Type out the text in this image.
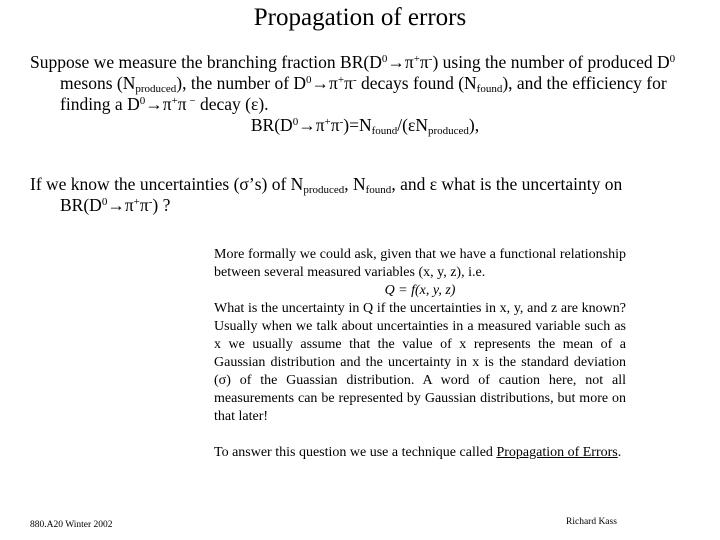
Propagation of errors
Suppose we measure the branching fraction $BR(D^0\to\pi^+\pi^-)$ using the number of produced $D^0$ mesons $(N_{produced})$, the number of $D^0\to\pi^+\pi^-$ decays found $(N_{found})$, and the efficiency for finding a $D^0\to\pi^+\pi$ − decay (ε).
$BR(D^0\to\pi^+\pi^-)=N_{found}/(\varepsilon N_{produced})$,
If we know the uncertainties (σ’s) of $N_{produced}$, $N_{found}$, and ε what is the uncertainty on $BR(D^0\to\pi^+\pi^-)$ ?

More formally we could ask, given that we have a functional relationship between several measured variables (x, y, z), i.e.

Q = f(x, y, z)

What is the uncertainty in Q if the uncertainties in x, y, and z are known? Usually when we talk about uncertainties in a measured variable such as x we usually assume that the value of x represents the mean of a Gaussian distribution and the uncertainty in x is the standard deviation (σ) of the Guassian distribution. A word of caution here, not all measurements can be represented by Gaussian distributions, but more on that later!

To answer this question we use a technique called Propagation of Errors.

880.A20 Winter 2002	Richard Kass
